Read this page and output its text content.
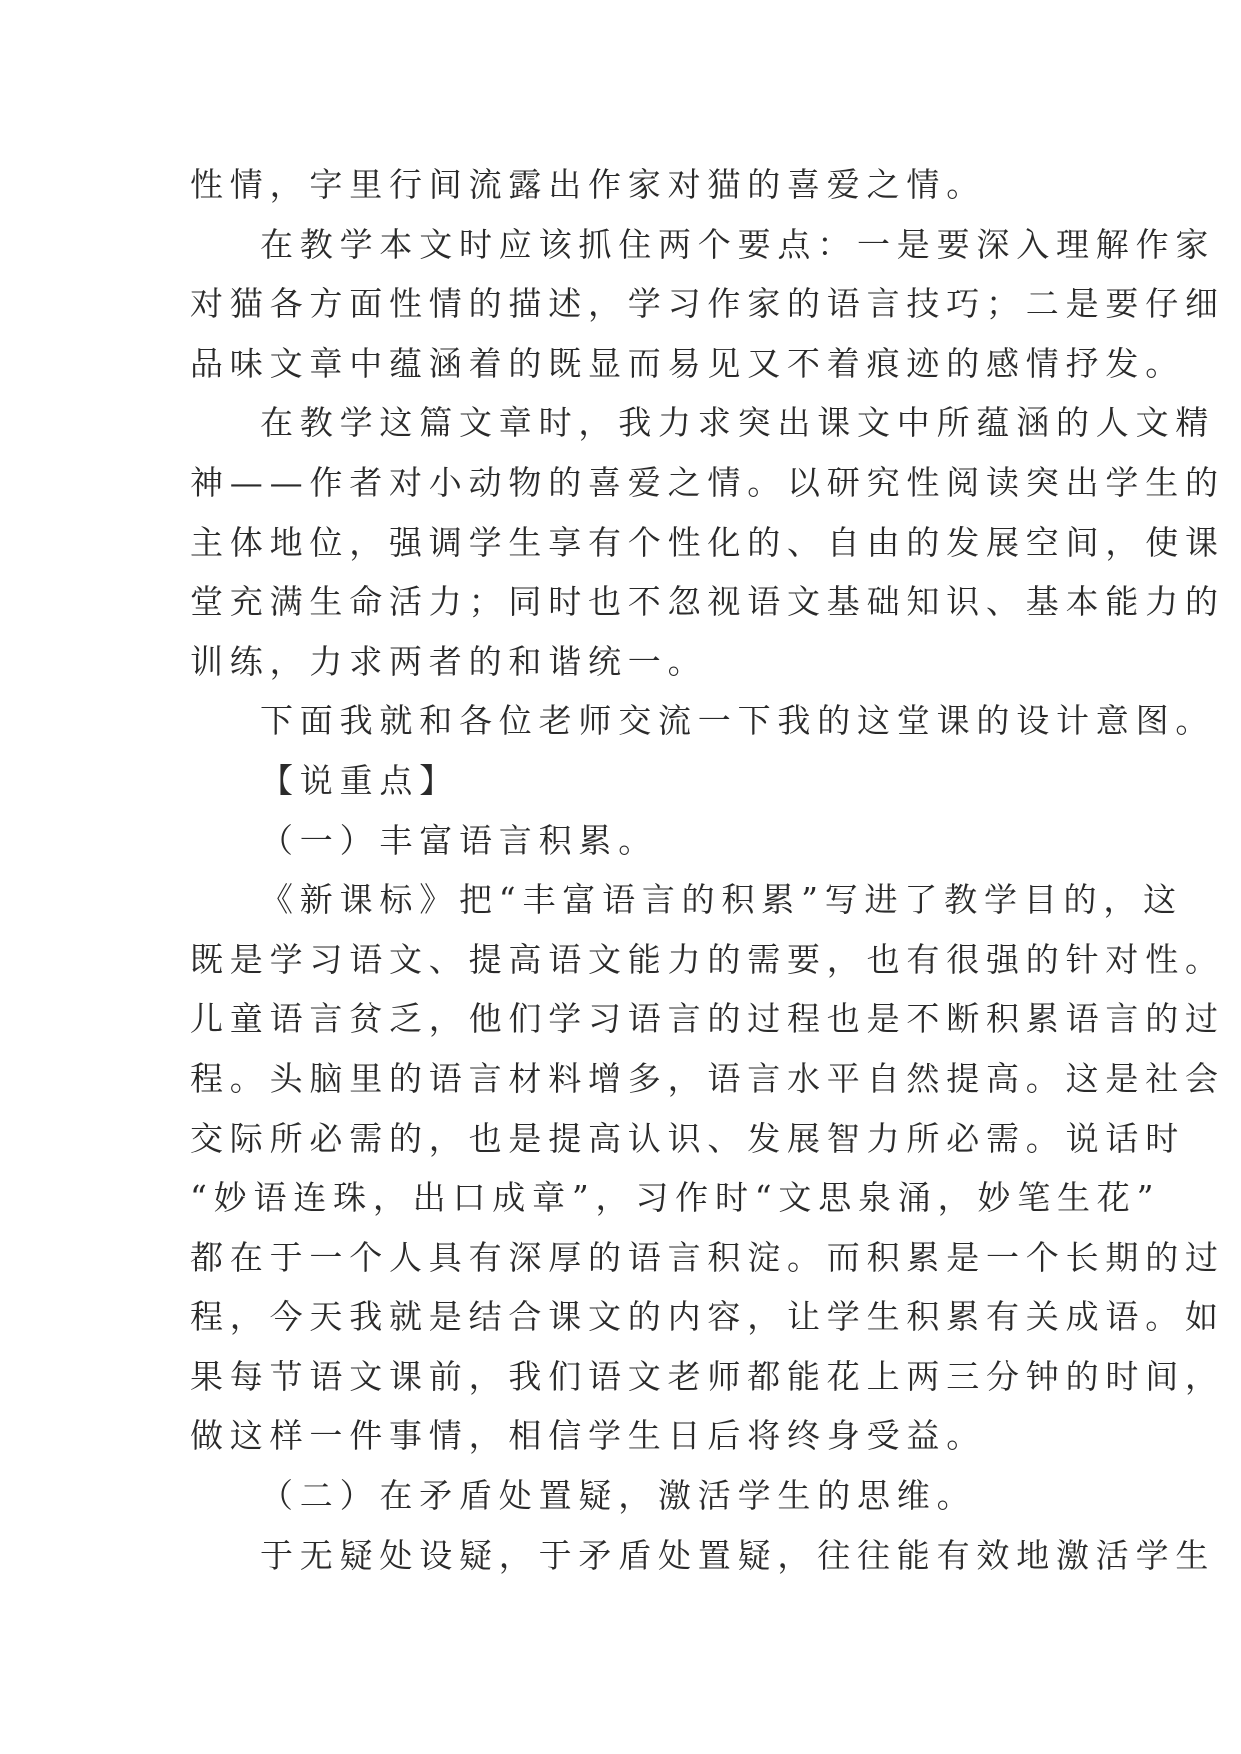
性情，字里行间流露出作家对猫的喜爱之情。
在教学本文时应该抓住两个要点：一是要深入理解作家
对猫各方面性情的描述，学习作家的语言技巧；二是要仔细
品味文章中蕴涵着的既显而易见又不着痕迹的感情抒发。
在教学这篇文章时，我力求突出课文中所蕴涵的人文精
神——作者对小动物的喜爱之情。以研究性阅读突出学生的
主体地位，强调学生享有个性化的、自由的发展空间，使课
堂充满生命活力；同时也不忽视语文基础知识、基本能力的
训练，力求两者的和谐统一。
下面我就和各位老师交流一下我的这堂课的设计意图。
【说重点】
（一）丰富语言积累。
《新课标》把“丰富语言的积累”写进了教学目的，这
既是学习语文、提高语文能力的需要，也有很强的针对性。
儿童语言贫乏，他们学习语言的过程也是不断积累语言的过
程。头脑里的语言材料增多，语言水平自然提高。这是社会
交际所必需的，也是提高认识、发展智力所必需。说话时
“妙语连珠，出口成章”，习作时“文思泉涌，妙笔生花”
都在于一个人具有深厚的语言积淀。而积累是一个长期的过
程，今天我就是结合课文的内容，让学生积累有关成语。如
果每节语文课前，我们语文老师都能花上两三分钟的时间，
做这样一件事情，相信学生日后将终身受益。
（二）在矛盾处置疑，激活学生的思维。
于无疑处设疑，于矛盾处置疑，往往能有效地激活学生
